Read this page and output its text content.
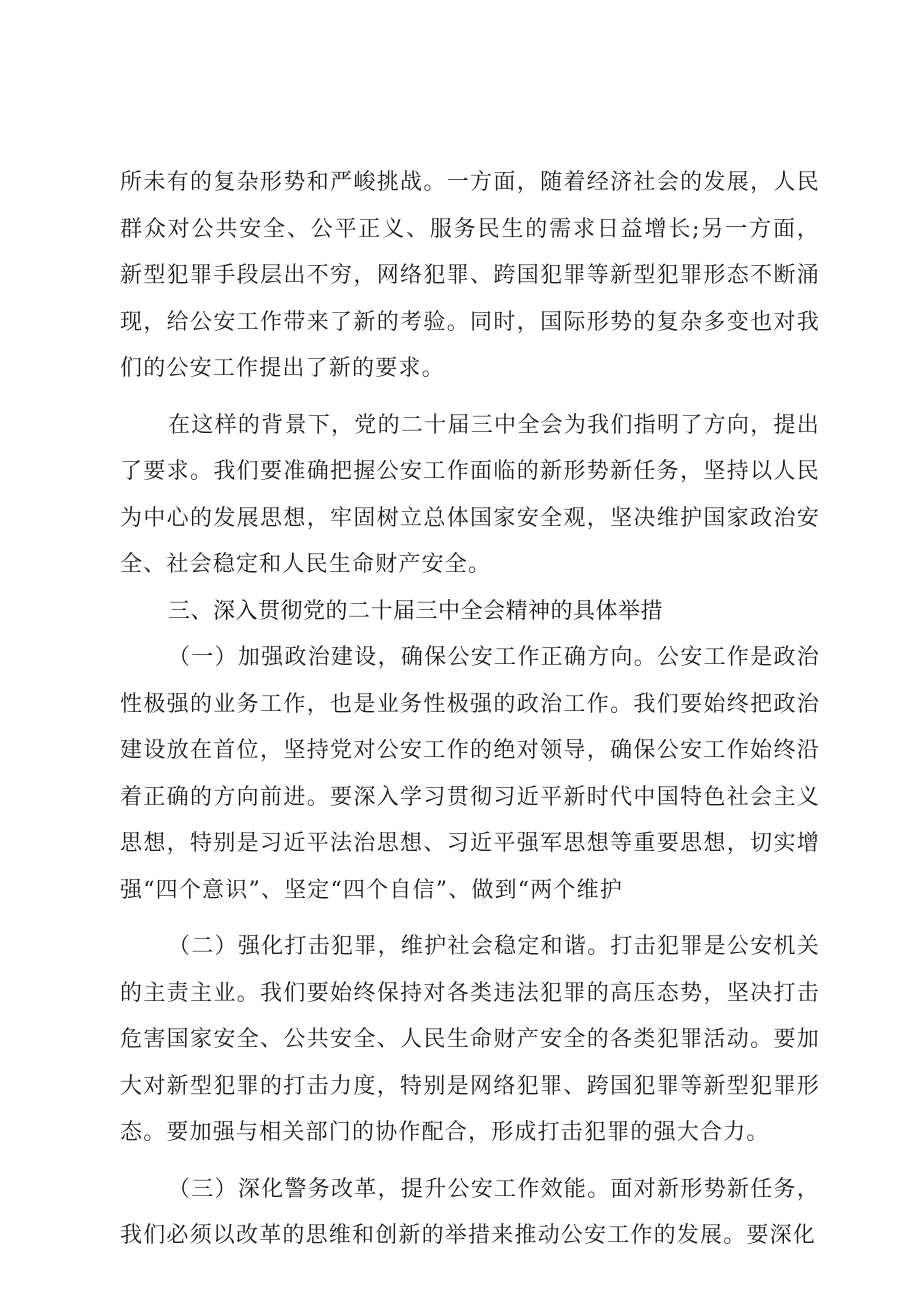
所未有的复杂形势和严峻挑战。一方面，随着经济社会的发展，人民群众对公共安全、公平正义、服务民生的需求日益增长;另一方面，新型犯罪手段层出不穷，网络犯罪、跨国犯罪等新型犯罪形态不断涌现，给公安工作带来了新的考验。同时，国际形势的复杂多变也对我们的公安工作提出了新的要求。

在这样的背景下，党的二十届三中全会为我们指明了方向，提出了要求。我们要准确把握公安工作面临的新形势新任务，坚持以人民为中心的发展思想，牢固树立总体国家安全观，坚决维护国家政治安全、社会稳定和人民生命财产安全。

三、深入贯彻党的二十届三中全会精神的具体举措

（一）加强政治建设，确保公安工作正确方向。公安工作是政治性极强的业务工作，也是业务性极强的政治工作。我们要始终把政治建设放在首位，坚持党对公安工作的绝对领导，确保公安工作始终沿着正确的方向前进。要深入学习贯彻习近平新时代中国特色社会主义思想，特别是习近平法治思想、习近平强军思想等重要思想，切实增强“四个意识”、坚定“四个自信”、做到“两个维护

（二）强化打击犯罪，维护社会稳定和谐。打击犯罪是公安机关的主责主业。我们要始终保持对各类违法犯罪的高压态势，坚决打击危害国家安全、公共安全、人民生命财产安全的各类犯罪活动。要加大对新型犯罪的打击力度，特别是网络犯罪、跨国犯罪等新型犯罪形态。要加强与相关部门的协作配合，形成打击犯罪的强大合力。

（三）深化警务改革，提升公安工作效能。面对新形势新任务，我们必须以改革的思维和创新的举措来推动公安工作的发展。要深化
